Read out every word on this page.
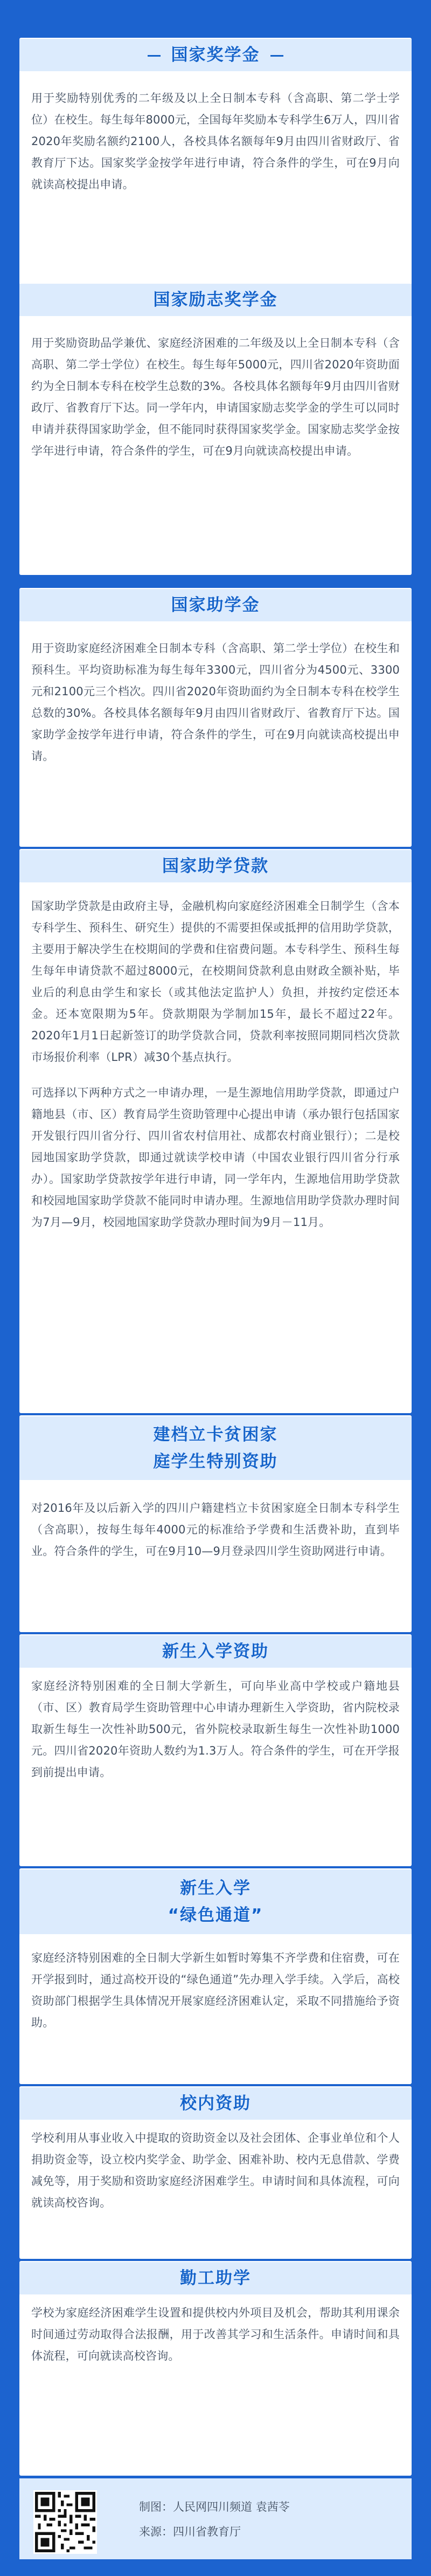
国家奖学金

用于奖励特别优秀的二年级及以上全日制本专科（含高职、第二学士学位）在校生。每生每年8000元，全国每年奖励本专科学生6万人，四川省2020年奖励名额约2100人，各校具体名额每年9月由四川省财政厅、省教育厅下达。国家奖学金按学年进行申请，符合条件的学生，可在9月向就读高校提出申请。

国家励志奖学金

用于奖励资助品学兼优、家庭经济困难的二年级及以上全日制本专科（含高职、第二学士学位）在校生。每生每年5000元，四川省2020年资助面约为全日制本专科在校学生总数的3%。各校具体名额每年9月由四川省财政厅、省教育厅下达。同一学年内，申请国家励志奖学金的学生可以同时申请并获得国家助学金，但不能同时获得国家奖学金。国家励志奖学金按学年进行申请，符合条件的学生，可在9月向就读高校提出申请。

国家助学金

用于资助家庭经济困难全日制本专科（含高职、第二学士学位）在校生和预科生。平均资助标准为每生每年3300元，四川省分为4500元、3300元和2100元三个档次。四川省2020年资助面约为全日制本专科在校学生总数的30%。各校具体名额每年9月由四川省财政厅、省教育厅下达。国家助学金按学年进行申请，符合条件的学生，可在9月向就读高校提出申请。

国家助学贷款

国家助学贷款是由政府主导，金融机构向家庭经济困难全日制学生（含本专科学生、预科生、研究生）提供的不需要担保或抵押的信用助学贷款，主要用于解决学生在校期间的学费和住宿费问题。本专科学生、预科生每生每年申请贷款不超过8000元，在校期间贷款利息由财政全额补贴，毕业后的利息由学生和家长（或其他法定监护人）负担，并按约定偿还本金。还本宽限期为5年。贷款期限为学制加15年，最长不超过22年。2020年1月1日起新签订的助学贷款合同，贷款利率按照同期同档次贷款市场报价利率（LPR）减30个基点执行。

可选择以下两种方式之一申请办理，一是生源地信用助学贷款，即通过户籍地县（市、区）教育局学生资助管理中心提出申请（承办银行包括国家开发银行四川省分行、四川省农村信用社、成都农村商业银行）；二是校园地国家助学贷款，即通过就读学校申请（中国农业银行四川省分行承办）。国家助学贷款按学年进行申请，同一学年内，生源地信用助学贷款和校园地国家助学贷款不能同时申请办理。生源地信用助学贷款办理时间为7月—9月，校园地国家助学贷款办理时间为9月－11月。

建档立卡贫困家
庭学生特别资助

对2016年及以后新入学的四川户籍建档立卡贫困家庭全日制本专科学生（含高职），按每生每年4000元的标准给予学费和生活费补助，直到毕业。符合条件的学生，可在9月10—9月登录四川学生资助网进行申请。

新生入学资助

家庭经济特别困难的全日制大学新生，可向毕业高中学校或户籍地县（市、区）教育局学生资助管理中心申请办理新生入学资助，省内院校录取新生每生一次性补助500元，省外院校录取新生每生一次性补助1000元。四川省2020年资助人数约为1.3万人。符合条件的学生，可在开学报到前提出申请。

新生入学
“绿色通道”

家庭经济特别困难的全日制大学新生如暂时筹集不齐学费和住宿费，可在开学报到时，通过高校开设的“绿色通道”先办理入学手续。入学后，高校资助部门根据学生具体情况开展家庭经济困难认定，采取不同措施给予资助。

校内资助

学校利用从事业收入中提取的资助资金以及社会团体、企事业单位和个人捐助资金等，设立校内奖学金、助学金、困难补助、校内无息借款、学费减免等，用于奖励和资助家庭经济困难学生。申请时间和具体流程，可向就读高校咨询。

勤工助学

学校为家庭经济困难学生设置和提供校内外项目及机会，帮助其利用课余时间通过劳动取得合法报酬，用于改善其学习和生活条件。申请时间和具体流程，可向就读高校咨询。

制图：人民网四川频道 袁茜苓
来源：四川省教育厅
